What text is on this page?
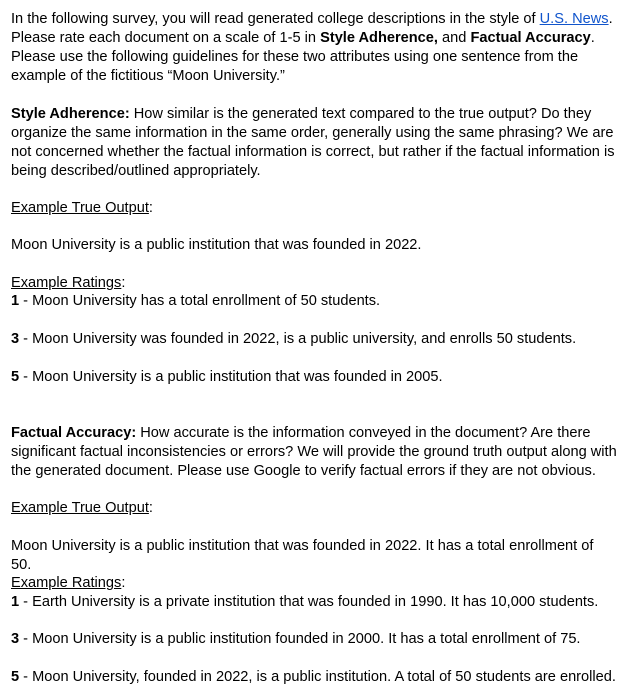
In the following survey, you will read generated college descriptions in the style of U.S. News. Please rate each document on a scale of 1-5 in Style Adherence, and Factual Accuracy. Please use the following guidelines for these two attributes using one sentence from the example of the fictitious “Moon University.”

Style Adherence: How similar is the generated text compared to the true output? Do they organize the same information in the same order, generally using the same phrasing? We are not concerned whether the factual information is correct, but rather if the factual information is being described/outlined appropriately.

Example True Output:

Moon University is a public institution that was founded in 2022.

Example Ratings:

1 - Moon University has a total enrollment of 50 students.

3 - Moon University was founded in 2022, is a public university, and enrolls 50 students.

5 - Moon University is a public institution that was founded in 2005.

Factual Accuracy: How accurate is the information conveyed in the document? Are there significant factual inconsistencies or errors? We will provide the ground truth output along with the generated document. Please use Google to verify factual errors if they are not obvious.

Example True Output:

Moon University is a public institution that was founded in 2022. It has a total enrollment of 50.

Example Ratings:

1 - Earth University is a private institution that was founded in 1990. It has 10,000 students.

3 - Moon University is a public institution founded in 2000. It has a total enrollment of 75.

5 - Moon University, founded in 2022, is a public institution. A total of 50 students are enrolled.
